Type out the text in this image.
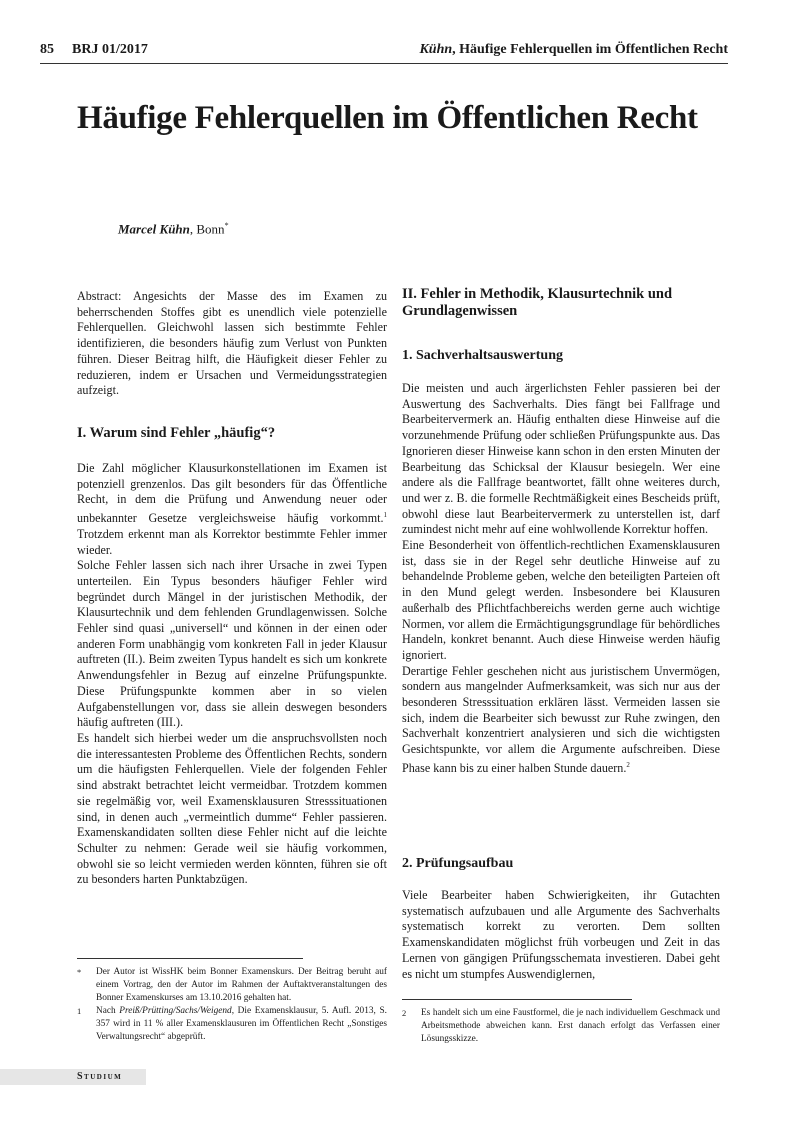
85 BRJ 01/2017	Kühn, Häufige Fehlerquellen im Öffentlichen Recht
Häufige Fehlerquellen im Öffentlichen Recht
Marcel Kühn, Bonn*

Abstract: Angesichts der Masse des im Examen zu beherrschenden Stoffes gibt es unendlich viele potenzielle Fehlerquellen. Gleichwohl lassen sich bestimmte Fehler identifizieren, die besonders häufig zum Verlust von Punkten führen. Dieser Beitrag hilft, die Häufigkeit dieser Fehler zu reduzieren, indem er Ursachen und Vermeidungsstrategien aufzeigt.

I. Warum sind Fehler „häufig“?

Die Zahl möglicher Klausurkonstellationen im Examen ist potenziell grenzenlos. Das gilt besonders für das Öffentliche Recht, in dem die Prüfung und Anwendung neuer oder unbekannter Gesetze vergleichsweise häufig vorkommt.$^1$ Trotzdem erkennt man als Korrektor bestimmte Fehler immer wieder.

Solche Fehler lassen sich nach ihrer Ursache in zwei Typen unterteilen. Ein Typus besonders häufiger Fehler wird begründet durch Mängel in der juristischen Methodik, der Klausurtechnik und dem fehlenden Grundlagenwissen. Solche Fehler sind quasi „universell“ und können in der einen oder anderen Form unabhängig vom konkreten Fall in jeder Klausur auftreten (II.). Beim zweiten Typus handelt es sich um konkrete Anwendungsfehler in Bezug auf einzelne Prüfungspunkte. Diese Prüfungspunkte kommen aber in so vielen Aufgabenstellungen vor, dass sie allein deswegen besonders häufig auftreten (III.).

Es handelt sich hierbei weder um die anspruchsvollsten noch die interessantesten Probleme des Öffentlichen Rechts, sondern um die häufigsten Fehlerquellen. Viele der folgenden Fehler sind abstrakt betrachtet leicht vermeidbar. Trotzdem kommen sie regelmäßig vor, weil Examensklausuren Stresssituationen sind, in denen auch „vermeintlich dumme“ Fehler passieren. Examenskandidaten sollten diese Fehler nicht auf die leichte Schulter zu nehmen: Gerade weil sie häufig vorkommen, obwohl sie so leicht vermieden werden könnten, führen sie oft zu besonders harten Punktabzügen.

II. Fehler in Methodik, Klausurtechnik und Grundlagenwissen
1. Sachverhaltsauswertung

Die meisten und auch ärgerlichsten Fehler passieren bei der Auswertung des Sachverhalts. Dies fängt bei Fallfrage und Bearbeitervermerk an. Häufig enthalten diese Hinweise auf die vorzunehmende Prüfung oder schließen Prüfungspunkte aus. Das Ignorieren dieser Hinweise kann schon in den ersten Minuten der Bearbeitung das Schicksal der Klausur besiegeln. Wer eine andere als die Fallfrage beantwortet, fällt ohne weiteres durch, und wer z. B. die formelle Rechtmäßigkeit eines Bescheids prüft, obwohl diese laut Bearbeitervermerk zu unterstellen ist, darf zumindest nicht mehr auf eine wohlwollende Korrektur hoffen.

Eine Besonderheit von öffentlich-rechtlichen Examensklausuren ist, dass sie in der Regel sehr deutliche Hinweise auf zu behandelnde Probleme geben, welche den beteiligten Parteien oft in den Mund gelegt werden. Insbesondere bei Klausuren außerhalb des Pflichtfachbereichs werden gerne auch wichtige Normen, vor allem die Ermächtigungsgrundlage für behördliches Handeln, konkret benannt. Auch diese Hinweise werden häufig ignoriert.

Derartige Fehler geschehen nicht aus juristischem Unvermögen, sondern aus mangelnder Aufmerksamkeit, was sich nur aus der besonderen Stresssituation erklären lässt. Vermeiden lassen sie sich, indem die Bearbeiter sich bewusst zur Ruhe zwingen, den Sachverhalt konzentriert analysieren und sich die wichtigsten Gesichtspunkte, vor allem die Argumente aufschreiben. Diese Phase kann bis zu einer halben Stunde dauern.$^2$

2. Prüfungsaufbau

Viele Bearbeiter haben Schwierigkeiten, ihr Gutachten systematisch aufzubauen und alle Argumente des Sachverhalts systematisch korrekt zu verorten. Dem sollten Examenskandidaten möglichst früh vorbeugen und Zeit in das Lernen von gängigen Prüfungsschemata investieren. Dabei geht es nicht um stumpfes Auswendiglernen,

*	Der Autor ist WissHK beim Bonner Examenskurs. Der Beitrag beruht auf einem Vortrag, den der Autor im Rahmen der Auftaktveranstaltungen des Bonner Examenskurses am 13.10.2016 gehalten hat.
1	Nach Preiß/Prütting/Sachs/Weigend, Die Examensklausur, 5. Aufl. 2013, S. 357 wird in 11 % aller Examensklausuren im Öffentlichen Recht „Sonstiges Verwaltungsrecht“ abgeprüft.
2	Es handelt sich um eine Faustformel, die je nach individuellem Geschmack und Arbeitsmethode abweichen kann. Erst danach erfolgt das Verfassen einer Lösungsskizze.
Studium
